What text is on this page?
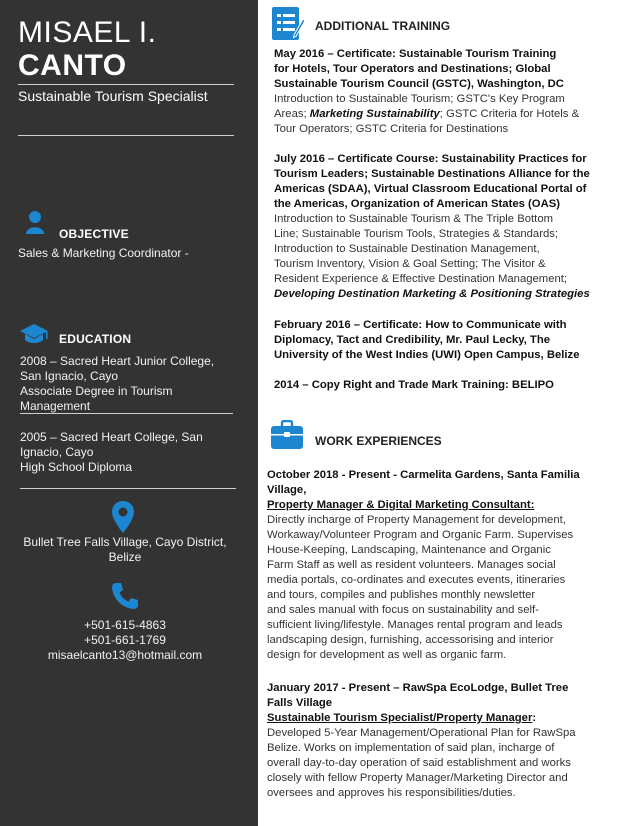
MISAEL I.
CANTO
Sustainable Tourism Specialist
OBJECTIVE
Sales & Marketing Coordinator -
EDUCATION
2008 – Sacred Heart Junior College,
San Ignacio, Cayo
Associate Degree in Tourism
Management
2005 – Sacred Heart College, San
Ignacio, Cayo
High School Diploma
Bullet Tree Falls Village, Cayo District,
Belize
+501-615-4863
+501-661-1769
misaelcanto13@hotmail.com
ADDITIONAL TRAINING
May 2016 – Certificate: Sustainable Tourism Training
for Hotels, Tour Operators and Destinations; Global
Sustainable Tourism Council (GSTC), Washington, DC
Introduction to Sustainable Tourism; GSTC's Key Program
Areas; Marketing Sustainability; GSTC Criteria for Hotels &
Tour Operators; GSTC Criteria for Destinations
July 2016 – Certificate Course: Sustainability Practices for
Tourism Leaders; Sustainable Destinations Alliance for the
Americas (SDAA), Virtual Classroom Educational Portal of
the Americas, Organization of American States (OAS)
Introduction to Sustainable Tourism & The Triple Bottom
Line; Sustainable Tourism Tools, Strategies & Standards;
Introduction to Sustainable Destination Management,
Tourism Inventory, Vision & Goal Setting; The Visitor &
Resident Experience & Effective Destination Management;
Developing Destination Marketing & Positioning Strategies
February 2016 – Certificate: How to Communicate with
Diplomacy, Tact and Credibility, Mr. Paul Lecky, The
University of the West Indies (UWI) Open Campus, Belize
2014 – Copy Right and Trade Mark Training: BELIPO
WORK EXPERIENCES
October 2018 - Present - Carmelita Gardens, Santa Familia
Village,
Property Manager & Digital Marketing Consultant:
Directly incharge of Property Management for development,
Workaway/Volunteer Program and Organic Farm. Supervises
House-Keeping, Landscaping, Maintenance and Organic
Farm Staff as well as resident volunteers. Manages social
media portals, co-ordinates and executes events, itineraries
and tours, compiles and publishes monthly newsletter
and sales manual with focus on sustainability and self-
sufficient living/lifestyle. Manages rental program and leads
landscaping design, furnishing, accessorising and interior
design for development as well as organic farm.
January 2017 - Present – RawSpa EcoLodge, Bullet Tree
Falls Village
Sustainable Tourism Specialist/Property Manager:
Developed 5-Year Management/Operational Plan for RawSpa
Belize. Works on implementation of said plan, incharge of
overall day-to-day operation of said establishment and works
closely with fellow Property Manager/Marketing Director and
oversees and approves his responsibilities/duties.
